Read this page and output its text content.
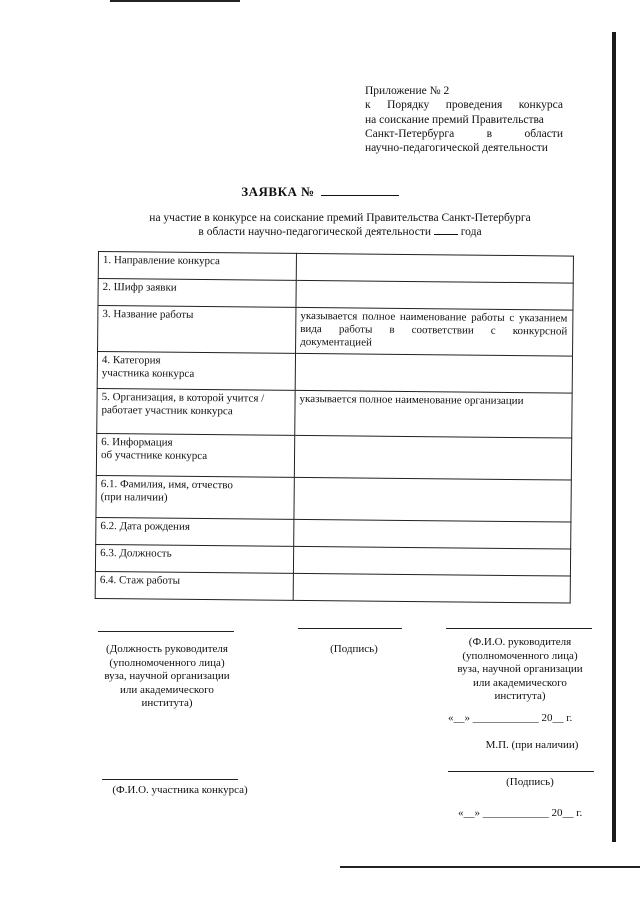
Приложение № 2
к Порядку проведения конкурса
на соискание премий Правительства
Санкт-Петербурга в области
научно-педагогической деятельности
ЗАЯВКА №
на участие в конкурсе на соискание премий Правительства Санкт-Петербурга
в области научно-педагогической деятельности	года
1. Направление конкурса	
2. Шифр заявки	
3. Название работы	указывается полное наименование работы с указанием вида работы в соответствии с конкурсной документацией
4. Категория
участника конкурса	
5. Организация, в которой учится /
работает участник конкурса	указывается полное наименование организации
6. Информация
об участнике конкурса	
6.1. Фамилия, имя, отчество
(при наличии)	
6.2. Дата рождения	
6.3. Должность	
6.4. Стаж работы	
(Должность руководителя
(уполномоченного лица)
вуза, научной организации
или академического
института)
(Подпись)
(Ф.И.О. руководителя
(уполномоченного лица)
вуза, научной организации
или академического
института)
«__» ____________ 20__ г.
М.П. (при наличии)
(Ф.И.О. участника конкурса)
(Подпись)
«__» ____________ 20__ г.
